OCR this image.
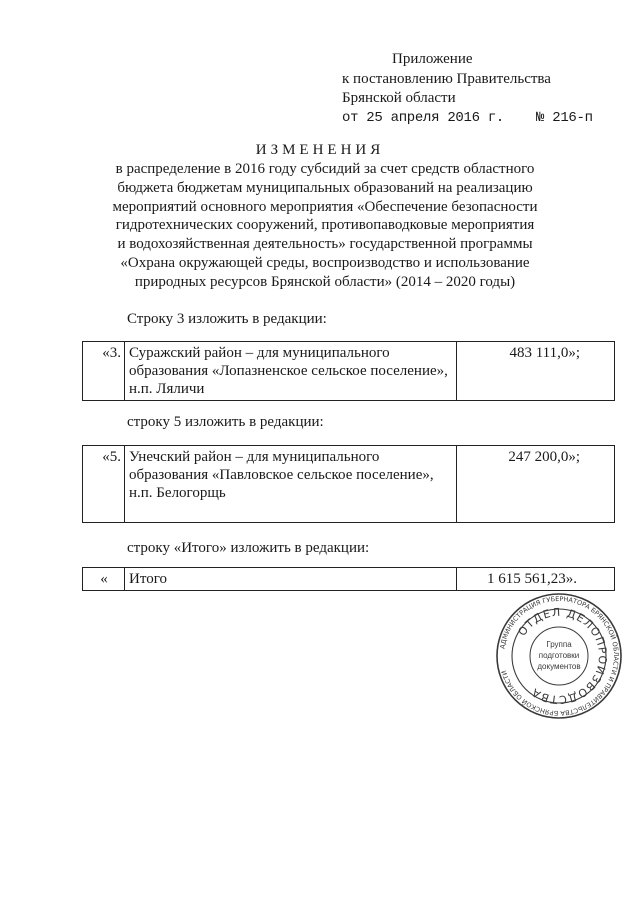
Приложение
к постановлению Правительства
Брянской области
от 25 апреля 2016 г. № 216-п
ИЗМЕНЕНИЯ
в распределение в 2016 году субсидий за счет средств областного
бюджета бюджетам муниципальных образований на реализацию
мероприятий основного мероприятия «Обеспечение безопасности
гидротехнических сооружений, противопаводковые мероприятия
и водохозяйственная деятельность» государственной программы
«Охрана окружающей среды, воспроизводство и использование
природных ресурсов Брянской области» (2014 – 2020 годы)
Строку 3 изложить в редакции:
«3.	Суражский район – для муниципального
образования «Лопазненское сельское поселение»,
н.п. Ляличи
	483 111,0»;
строку 5 изложить в редакции:
«5.	Унечский район – для муниципального
образования «Павловское сельское поселение»,
н.п. Белогорщь
	247 200,0»;
строку «Итого» изложить в редакции:
«	Итого	1 615 561,23».
АДМИНИСТРАЦИЯ ГУБЕРНАТОРА БРЯНСКОЙ ОБЛАСТИ И ПРАВИТЕЛЬСТВА БРЯНСКОЙ ОБЛАСТИ
ОТДЕЛ ДЕЛОПРОИЗВОДСТВА
Группа
подготовки
документов
